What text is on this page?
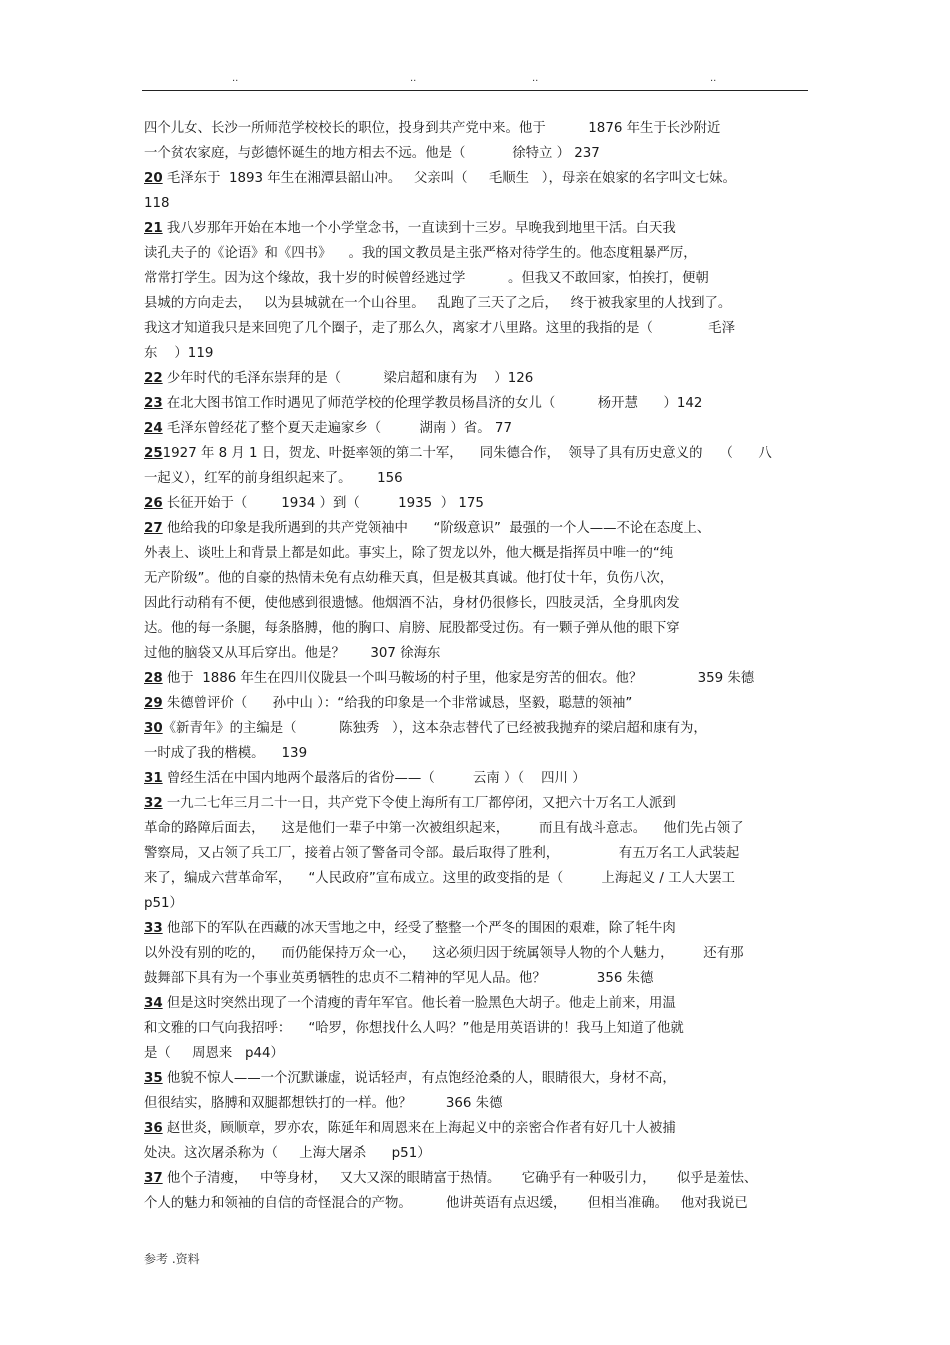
..	..	..	..
四个儿女、长沙一所师范学校校长的职位，投身到共产党中来。他于          1876 年生于长沙附近
一个贫农家庭，与彭德怀诞生的地方相去不远。他是（           徐特立 ） 237
20 毛泽东于  1893 年生在湘潭县韶山冲。   父亲叫（     毛顺生   ），母亲在娘家的名字叫文七妹。
118
21 我八岁那年开始在本地一个小学堂念书，一直读到十三岁。早晚我到地里干活。白天我
读孔夫子的《论语》和《四书》    。我的国文教员是主张严格对待学生的。他态度粗暴严厉，
常常打学生。因为这个缘故，我十岁的时候曾经逃过学          。但我又不敢回家，怕挨打，便朝
县城的方向走去，   以为县城就在一个山谷里。   乱跑了三天了之后，   终于被我家里的人找到了。
我这才知道我只是来回兜了几个圈子，走了那么久，离家才八里路。这里的我指的是（             毛泽
东    ）119
22 少年时代的毛泽东崇拜的是（          梁启超和康有为    ）126
23 在北大图书馆工作时遇见了师范学校的伦理学教员杨昌济的女儿（          杨开慧      ）142
24 毛泽东曾经花了整个夏天走遍家乡（         湖南 ）省。 77
251927 年 8 月 1 日，贺龙、叶挺率领的第二十军，    同朱德合作，  领导了具有历史意义的    （      八
一起义），红军的前身组织起来了。      156
26 长征开始于（        1934 ）到（         1935  ） 175
27 他给我的印象是我所遇到的共产党领袖中      “阶级意识”  最强的一个人——不论在态度上、
外表上、谈吐上和背景上都是如此。事实上，除了贺龙以外，他大概是指挥员中唯一的“纯
无产阶级”。他的自豪的热情未免有点幼稚天真，但是极其真诚。他打仗十年，负伤八次，
因此行动稍有不便，使他感到很遗憾。他烟酒不沾，身材仍很修长，四肢灵活，全身肌肉发
达。他的每一条腿，每条胳膊，他的胸口、肩膀、屁股都受过伤。有一颗子弹从他的眼下穿
过他的脑袋又从耳后穿出。他是？      307 徐海东
28 他于  1886 年生在四川仪陇县一个叫马鞍场的村子里，他家是穷苦的佃农。他？             359 朱德
29 朱德曾评价（      孙中山 ）：“给我的印象是一个非常诚恳，坚毅，聪慧的领袖”
30《新青年》的主编是（          陈独秀   ），这本杂志替代了已经被我抛弃的梁启超和康有为，
一时成了我的楷模。    139
31 曾经生活在中国内地两个最落后的省份——（         云南 ）（    四川 ）
32 一九二七年三月二十一日，共产党下令使上海所有工厂都停闭，又把六十万名工人派到
革命的路障后面去，    这是他们一辈子中第一次被组织起来，       而且有战斗意志。    他们先占领了
警察局，又占领了兵工厂，接着占领了警备司令部。最后取得了胜利，              有五万名工人武装起
来了，编成六营革命军，    “人民政府”宣布成立。这里的政变指的是（         上海起义 / 工人大罢工
p51）
33 他部下的军队在西藏的冰天雪地之中，经受了整整一个严冬的围困的艰难，除了牦牛肉
以外没有别的吃的，    而仍能保持万众一心，    这必须归因于统属领导人物的个人魅力，       还有那
鼓舞部下具有为一个事业英勇牺牲的忠贞不二精神的罕见人品。他？            356 朱德
34 但是这时突然出现了一个清瘦的青年军官。他长着一脸黑色大胡子。他走上前来，用温
和文雅的口气向我招呼：    “哈罗，你想找什么人吗？”他是用英语讲的！我马上知道了他就
是（     周恩来   p44）
35 他貌不惊人——一个沉默谦虚，说话轻声，有点饱经沧桑的人，眼睛很大，身材不高，
但很结实，胳膊和双腿都想铁打的一样。他？        366 朱德
36 赵世炎，顾顺章，罗亦农，陈延年和周恩来在上海起义中的亲密合作者有好几十人被捕
处决。这次屠杀称为（     上海大屠杀      p51）
37 他个子清瘦，   中等身材，   又大又深的眼睛富于热情。     它确乎有一种吸引力，     似乎是羞怯、
个人的魅力和领袖的自信的奇怪混合的产物。        他讲英语有点迟缓，     但相当准确。   他对我说已
参考 .资料
